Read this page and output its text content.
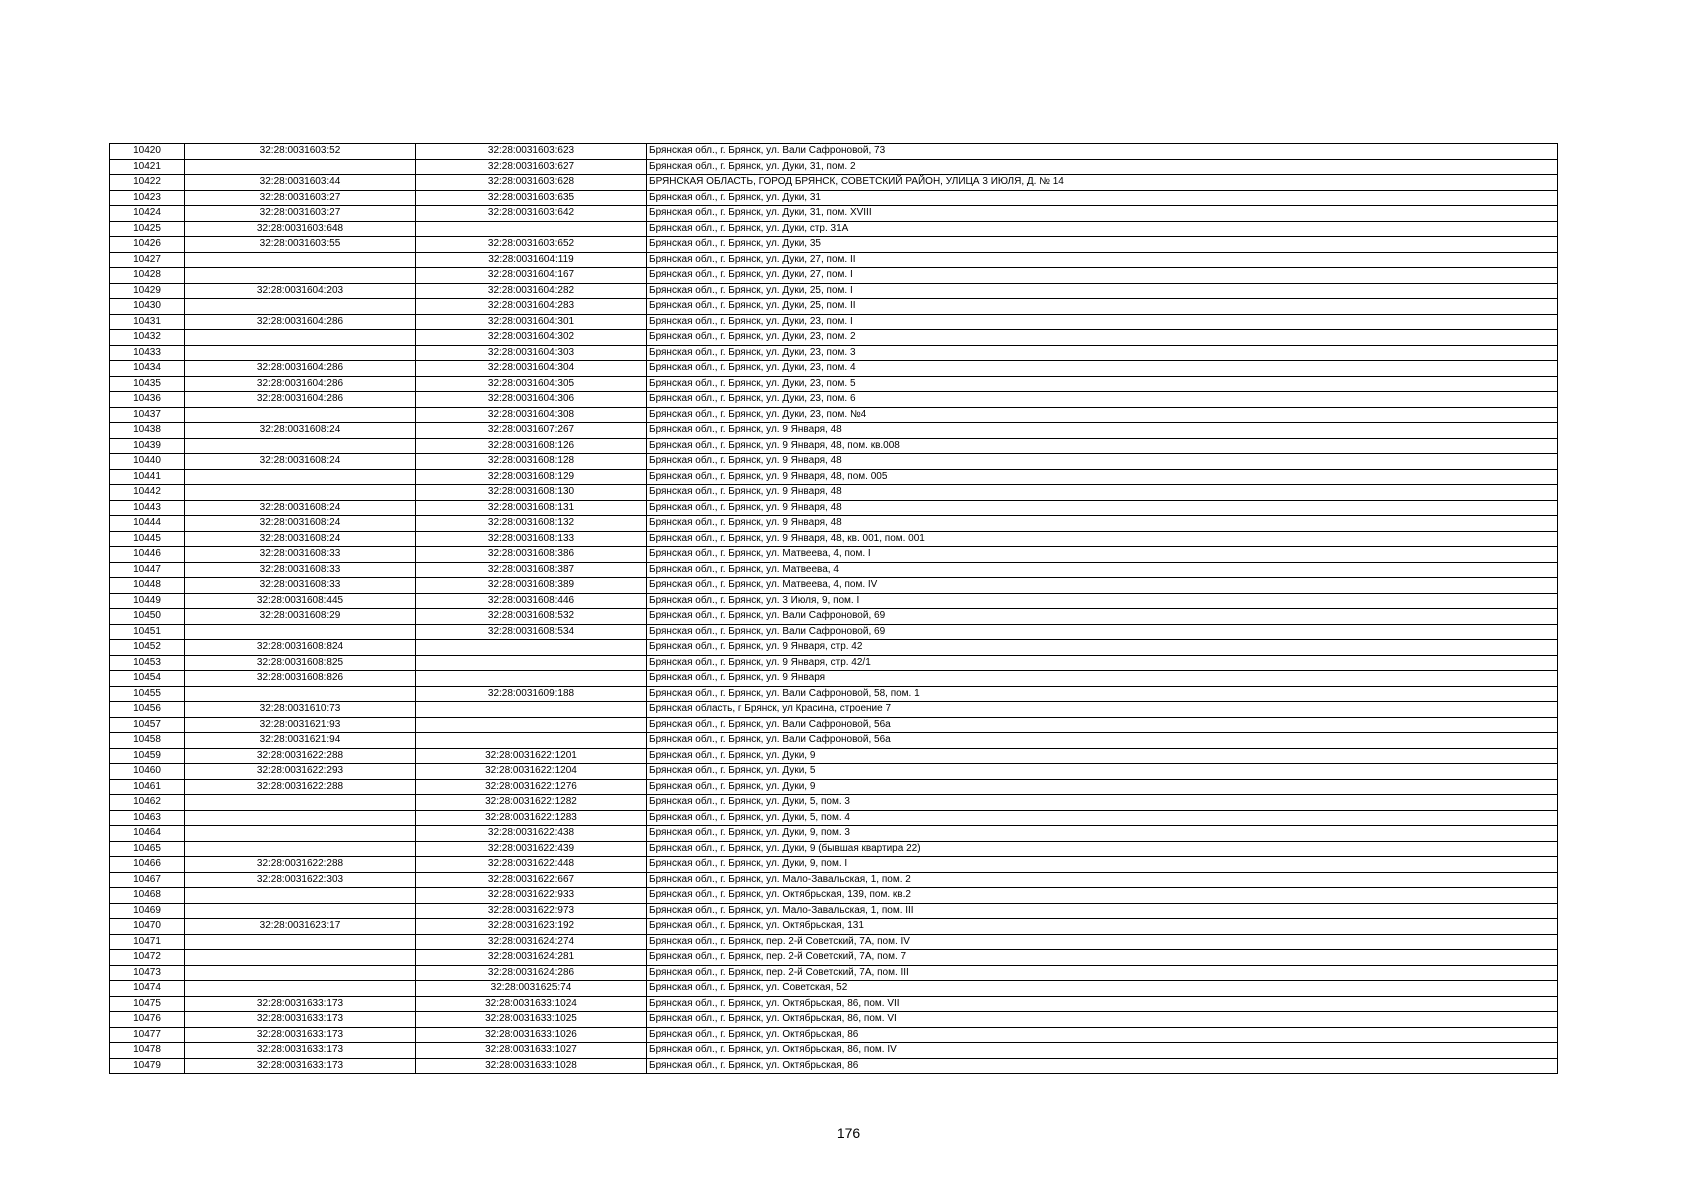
10420	32:28:0031603:52	32:28:0031603:623	Брянская обл., г. Брянск, ул. Вали Сафроновой, 73
10421		32:28:0031603:627	Брянская обл., г. Брянск, ул. Дуки, 31, пом. 2
10422	32:28:0031603:44	32:28:0031603:628	БРЯНСКАЯ ОБЛАСТЬ, ГОРОД БРЯНСК, СОВЕТСКИЙ РАЙОН, УЛИЦА 3 ИЮЛЯ, Д. № 14
10423	32:28:0031603:27	32:28:0031603:635	Брянская обл., г. Брянск, ул. Дуки, 31
10424	32:28:0031603:27	32:28:0031603:642	Брянская обл., г. Брянск, ул. Дуки, 31, пом. XVIII
10425	32:28:0031603:648		Брянская обл., г. Брянск, ул. Дуки, стр. 31А
10426	32:28:0031603:55	32:28:0031603:652	Брянская обл., г. Брянск, ул. Дуки, 35
10427		32:28:0031604:119	Брянская обл., г. Брянск, ул. Дуки, 27, пом. II
10428		32:28:0031604:167	Брянская обл., г. Брянск, ул. Дуки, 27, пом. I
10429	32:28:0031604:203	32:28:0031604:282	Брянская обл., г. Брянск, ул. Дуки, 25, пом. I
10430		32:28:0031604:283	Брянская обл., г. Брянск, ул. Дуки, 25, пом. II
10431	32:28:0031604:286	32:28:0031604:301	Брянская обл., г. Брянск, ул. Дуки, 23, пом. I
10432		32:28:0031604:302	Брянская обл., г. Брянск, ул. Дуки, 23, пом. 2
10433		32:28:0031604:303	Брянская обл., г. Брянск, ул. Дуки, 23, пом. 3
10434	32:28:0031604:286	32:28:0031604:304	Брянская обл., г. Брянск, ул. Дуки, 23, пом. 4
10435	32:28:0031604:286	32:28:0031604:305	Брянская обл., г. Брянск, ул. Дуки, 23, пом. 5
10436	32:28:0031604:286	32:28:0031604:306	Брянская обл., г. Брянск, ул. Дуки, 23, пом. 6
10437		32:28:0031604:308	Брянская обл., г. Брянск, ул. Дуки, 23, пом. №4
10438	32:28:0031608:24	32:28:0031607:267	Брянская обл., г. Брянск, ул. 9 Января, 48
10439		32:28:0031608:126	Брянская обл., г. Брянск, ул. 9 Января, 48, пом. кв.008
10440	32:28:0031608:24	32:28:0031608:128	Брянская обл., г. Брянск, ул. 9 Января, 48
10441		32:28:0031608:129	Брянская обл., г. Брянск, ул. 9 Января, 48, пом. 005
10442		32:28:0031608:130	Брянская обл., г. Брянск, ул. 9 Января, 48
10443	32:28:0031608:24	32:28:0031608:131	Брянская обл., г. Брянск, ул. 9 Января, 48
10444	32:28:0031608:24	32:28:0031608:132	Брянская обл., г. Брянск, ул. 9 Января, 48
10445	32:28:0031608:24	32:28:0031608:133	Брянская обл., г. Брянск, ул. 9 Января, 48, кв. 001, пом. 001
10446	32:28:0031608:33	32:28:0031608:386	Брянская обл., г. Брянск, ул. Матвеева, 4, пом. I
10447	32:28:0031608:33	32:28:0031608:387	Брянская обл., г. Брянск, ул. Матвеева, 4
10448	32:28:0031608:33	32:28:0031608:389	Брянская обл., г. Брянск, ул. Матвеева, 4, пом. IV
10449	32:28:0031608:445	32:28:0031608:446	Брянская обл., г. Брянск, ул. 3 Июля, 9, пом. I
10450	32:28:0031608:29	32:28:0031608:532	Брянская обл., г. Брянск, ул. Вали Сафроновой, 69
10451		32:28:0031608:534	Брянская обл., г. Брянск, ул. Вали Сафроновой, 69
10452	32:28:0031608:824		Брянская обл., г. Брянск, ул. 9 Января, стр. 42
10453	32:28:0031608:825		Брянская обл., г. Брянск, ул. 9 Января, стр. 42/1
10454	32:28:0031608:826		Брянская обл., г. Брянск, ул. 9 Января
10455		32:28:0031609:188	Брянская обл., г. Брянск, ул. Вали Сафроновой, 58, пом. 1
10456	32:28:0031610:73		Брянская область, г Брянск, ул Красина, строение 7
10457	32:28:0031621:93		Брянская обл., г. Брянск, ул. Вали Сафроновой, 56а
10458	32:28:0031621:94		Брянская обл., г. Брянск, ул. Вали Сафроновой, 56а
10459	32:28:0031622:288	32:28:0031622:1201	Брянская обл., г. Брянск, ул. Дуки, 9
10460	32:28:0031622:293	32:28:0031622:1204	Брянская обл., г. Брянск, ул. Дуки, 5
10461	32:28:0031622:288	32:28:0031622:1276	Брянская обл., г. Брянск, ул. Дуки, 9
10462		32:28:0031622:1282	Брянская обл., г. Брянск, ул. Дуки, 5, пом. 3
10463		32:28:0031622:1283	Брянская обл., г. Брянск, ул. Дуки, 5, пом. 4
10464		32:28:0031622:438	Брянская обл., г. Брянск, ул. Дуки, 9, пом. 3
10465		32:28:0031622:439	Брянская обл., г. Брянск, ул. Дуки, 9 (бывшая квартира 22)
10466	32:28:0031622:288	32:28:0031622:448	Брянская обл., г. Брянск, ул. Дуки, 9, пом. I
10467	32:28:0031622:303	32:28:0031622:667	Брянская обл., г. Брянск, ул. Мало-Завальская, 1, пом. 2
10468		32:28:0031622:933	Брянская обл., г. Брянск, ул. Октябрьская, 139, пом. кв.2
10469		32:28:0031622:973	Брянская обл., г. Брянск, ул. Мало-Завальская, 1, пом. III
10470	32:28:0031623:17	32:28:0031623:192	Брянская обл., г. Брянск, ул. Октябрьская, 131
10471		32:28:0031624:274	Брянская обл., г. Брянск, пер. 2-й Советский, 7А, пом. IV
10472		32:28:0031624:281	Брянская обл., г. Брянск, пер. 2-й Советский, 7А, пом. 7
10473		32:28:0031624:286	Брянская обл., г. Брянск, пер. 2-й Советский, 7А, пом. III
10474		32:28:0031625:74	Брянская обл., г. Брянск, ул. Советская, 52
10475	32:28:0031633:173	32:28:0031633:1024	Брянская обл., г. Брянск, ул. Октябрьская, 86, пом. VII
10476	32:28:0031633:173	32:28:0031633:1025	Брянская обл., г. Брянск, ул. Октябрьская, 86, пом. VI
10477	32:28:0031633:173	32:28:0031633:1026	Брянская обл., г. Брянск, ул. Октябрьская, 86
10478	32:28:0031633:173	32:28:0031633:1027	Брянская обл., г. Брянск, ул. Октябрьская, 86, пом. IV
10479	32:28:0031633:173	32:28:0031633:1028	Брянская обл., г. Брянск, ул. Октябрьская, 86
176
